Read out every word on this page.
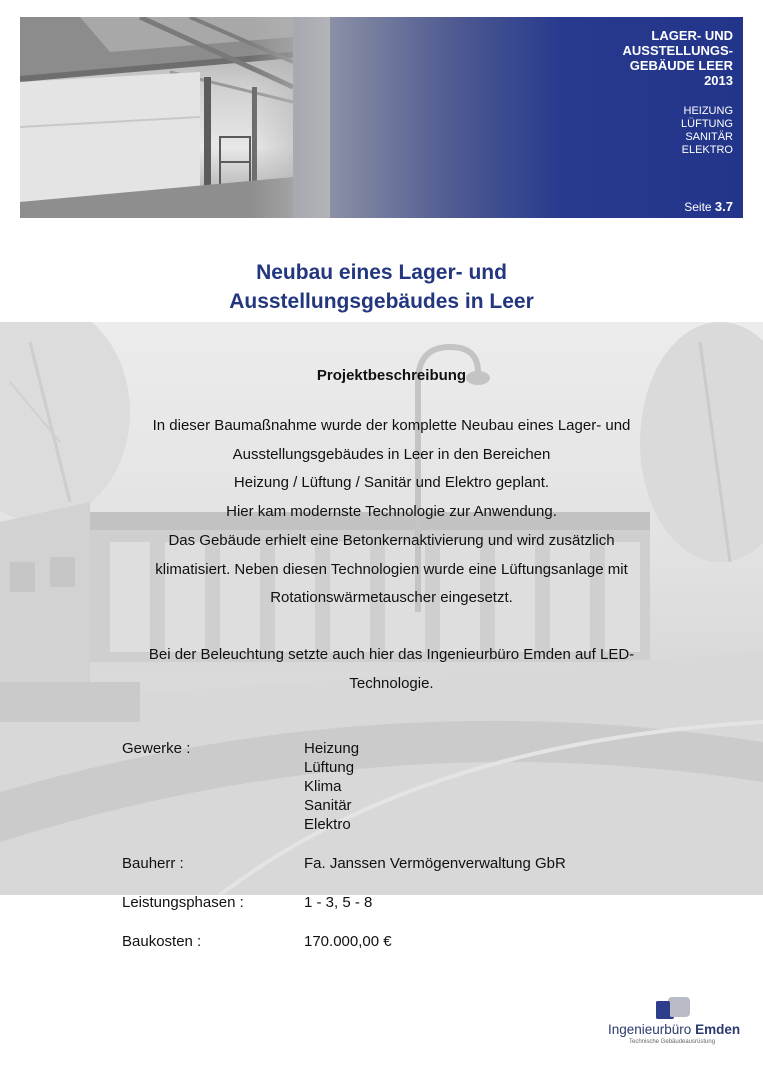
LAGER- UND
AUSSTELLUNGS-
GEBÄUDE LEER
2013
HEIZUNG
LÜFTUNG
SANITÄR
ELEKTRO
Seite 3.7
Neubau eines Lager- und
Ausstellungsgebäudes in Leer
Projektbeschreibung
In dieser Baumaßnahme wurde der komplette Neubau eines Lager- und
Ausstellungsgebäudes in Leer in den Bereichen
Heizung / Lüftung / Sanitär und Elektro geplant.
Hier kam modernste Technologie zur Anwendung.
Das Gebäude erhielt eine Betonkernaktivierung und wird zusätzlich
klimatisiert. Neben diesen Technologien wurde eine Lüftungsanlage mit
Rotationswärmetauscher eingesetzt.
Bei der Beleuchtung setzte auch hier das Ingenieurbüro Emden auf LED-
Technologie.
Gewerke :	Heizung
Lüftung
Klima
Sanitär
Elektro
Bauherr :	Fa. Janssen Vermögenverwaltung GbR
Leistungsphasen :	1 - 3, 5 - 8
Baukosten :	170.000,00 €
Ingenieurbüro Emden
Technische Gebäudeausrüstung
